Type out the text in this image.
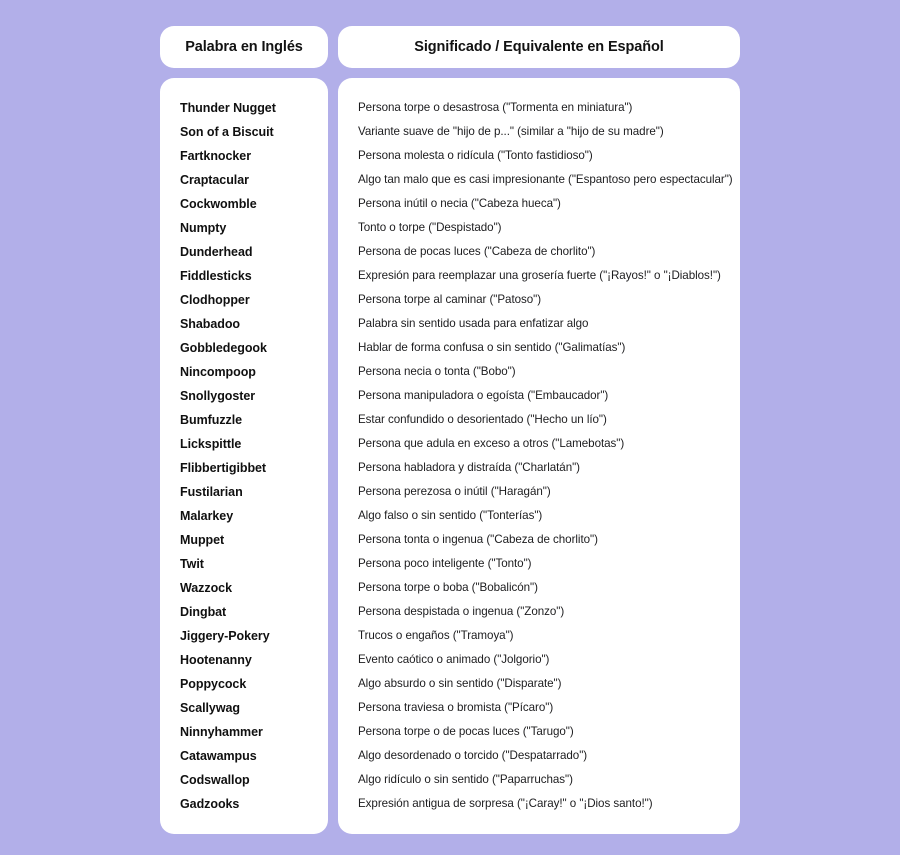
Palabra en Inglés	Significado / Equivalente en Español
Thunder Nugget
Son of a Biscuit
Fartknocker
Craptacular
Cockwomble
Numpty
Dunderhead
Fiddlesticks
Clodhopper
Shabadoo
Gobbledegook
Nincompoop
Snollygoster
Bumfuzzle
Lickspittle
Flibbertigibbet
Fustilarian
Malarkey
Muppet
Twit
Wazzock
Dingbat
Jiggery-Pokery
Hootenanny
Poppycock
Scallywag
Ninnyhammer
Catawampus
Codswallop
Gadzooks
Persona torpe o desastrosa ("Tormenta en miniatura")
Variante suave de "hijo de p..." (similar a "hijo de su madre")
Persona molesta o ridícula ("Tonto fastidioso")
Algo tan malo que es casi impresionante ("Espantoso pero espectacular")
Persona inútil o necia ("Cabeza hueca")
Tonto o torpe ("Despistado")
Persona de pocas luces ("Cabeza de chorlito")
Expresión para reemplazar una grosería fuerte ("¡Rayos!" o "¡Diablos!")
Persona torpe al caminar ("Patoso")
Palabra sin sentido usada para enfatizar algo
Hablar de forma confusa o sin sentido ("Galimatías")
Persona necia o tonta ("Bobo")
Persona manipuladora o egoísta ("Embaucador")
Estar confundido o desorientado ("Hecho un lío")
Persona que adula en exceso a otros ("Lamebotas")
Persona habladora y distraída ("Charlatán")
Persona perezosa o inútil ("Haragán")
Algo falso o sin sentido ("Tonterías")
Persona tonta o ingenua ("Cabeza de chorlito")
Persona poco inteligente ("Tonto")
Persona torpe o boba ("Bobalicón")
Persona despistada o ingenua ("Zonzo")
Trucos o engaños ("Tramoya")
Evento caótico o animado ("Jolgorio")
Algo absurdo o sin sentido ("Disparate")
Persona traviesa o bromista ("Pícaro")
Persona torpe o de pocas luces ("Tarugo")
Algo desordenado o torcido ("Despatarrado")
Algo ridículo o sin sentido ("Paparruchas")
Expresión antigua de sorpresa ("¡Caray!" o "¡Dios santo!")
